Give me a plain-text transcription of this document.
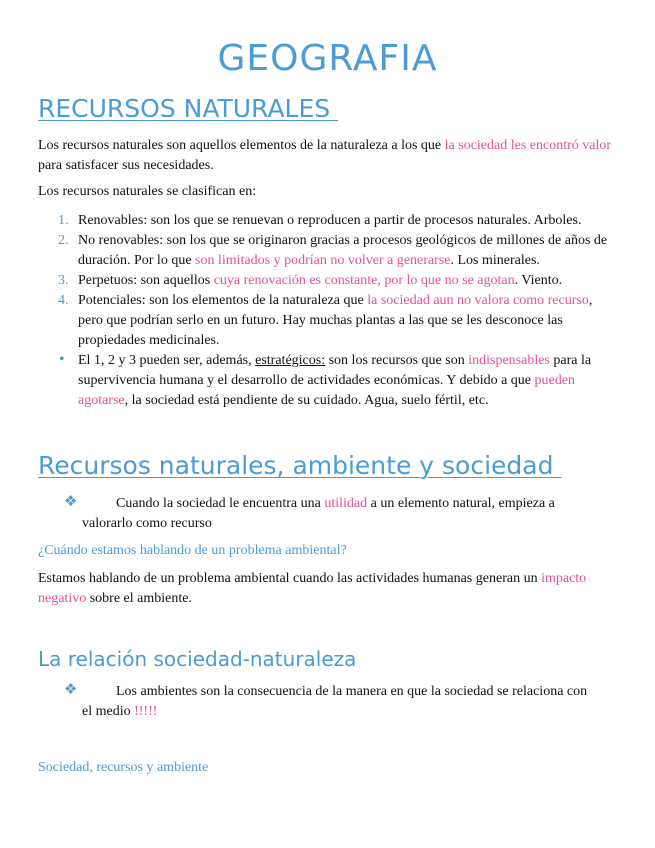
GEOGRAFIA
RECURSOS NATURALES
Los recursos naturales son aquellos elementos de la naturaleza a los que la sociedad les encontró valor para satisfacer sus necesidades.
Los recursos naturales se clasifican en:
1. Renovables: son los que se renuevan o reproducen a partir de procesos naturales. Arboles.
2. No renovables: son los que se originaron gracias a procesos geológicos de millones de años de duración. Por lo que son limitados y podrían no volver a generarse. Los minerales.
3. Perpetuos: son aquellos cuya renovación es constante, por lo que no se agotan. Viento.
4. Potenciales: son los elementos de la naturaleza que la sociedad aun no valora como recurso, pero que podrían serlo en un futuro. Hay muchas plantas a las que se les desconoce las propiedades medicinales.
• El 1, 2 y 3 pueden ser, además, estratégicos: son los recursos que son indispensables para la supervivencia humana y el desarrollo de actividades económicas. Y debido a que pueden agotarse, la sociedad está pendiente de su cuidado. Agua, suelo fértil, etc.
Recursos naturales, ambiente y sociedad
❖	Cuando la sociedad le encuentra una utilidad a un elemento natural, empieza a valorarlo como recurso
¿Cuándo estamos hablando de un problema ambiental?
Estamos hablando de un problema ambiental cuando las actividades humanas generan un impacto negativo sobre el ambiente.
La relación sociedad-naturaleza
❖	Los ambientes son la consecuencia de la manera en que la sociedad se relaciona con el medio !!!!!
Sociedad, recursos y ambiente
